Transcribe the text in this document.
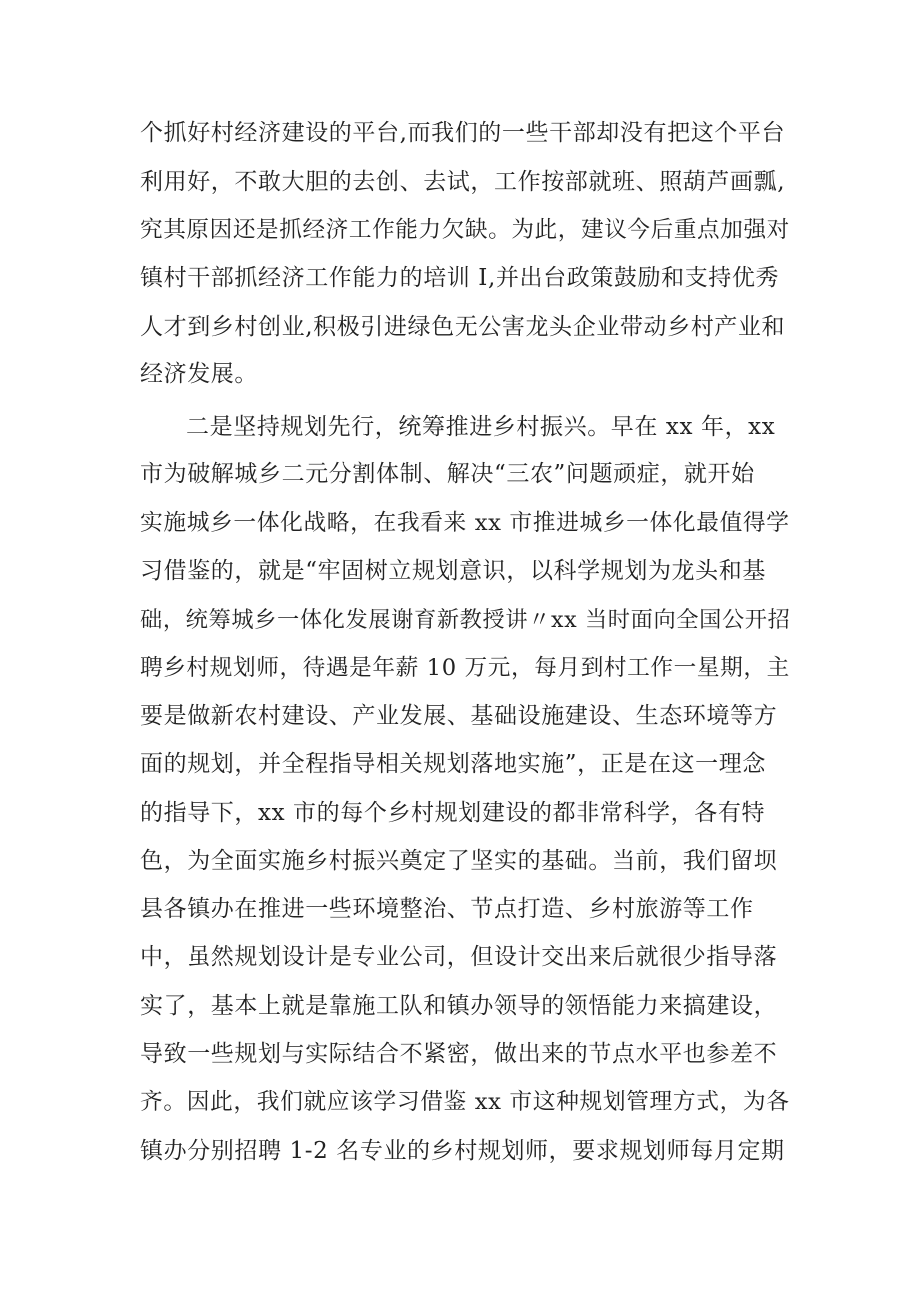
个抓好村经济建设的平台,而我们的一些干部却没有把这个平台
利用好，不敢大胆的去创、去试，工作按部就班、照葫芦画瓢,
究其原因还是抓经济工作能力欠缺。为此，建议今后重点加强对
镇村干部抓经济工作能力的培训 I,并出台政策鼓励和支持优秀
人才到乡村创业,积极引进绿色无公害龙头企业带动乡村产业和
经济发展。
二是坚持规划先行，统筹推进乡村振兴。早在 xx 年，xx
市为破解城乡二元分割体制、解决“三农”问题顽症，就开始
实施城乡一体化战略，在我看来 xx 市推进城乡一体化最值得学
习借鉴的，就是“牢固树立规划意识，以科学规划为龙头和基
础，统筹城乡一体化发展谢育新教授讲〃xx 当时面向全国公开招
聘乡村规划师，待遇是年薪 10 万元，每月到村工作一星期，主
要是做新农村建设、产业发展、基础设施建设、生态环境等方
面的规划，并全程指导相关规划落地实施”，正是在这一理念
的指导下，xx 市的每个乡村规划建设的都非常科学，各有特
色，为全面实施乡村振兴奠定了坚实的基础。当前，我们留坝
县各镇办在推进一些环境整治、节点打造、乡村旅游等工作
中，虽然规划设计是专业公司，但设计交出来后就很少指导落
实了，基本上就是靠施工队和镇办领导的领悟能力来搞建设，
导致一些规划与实际结合不紧密，做出来的节点水平也参差不
齐。因此，我们就应该学习借鉴 xx 市这种规划管理方式，为各
镇办分别招聘 1-2 名专业的乡村规划师，要求规划师每月定期
